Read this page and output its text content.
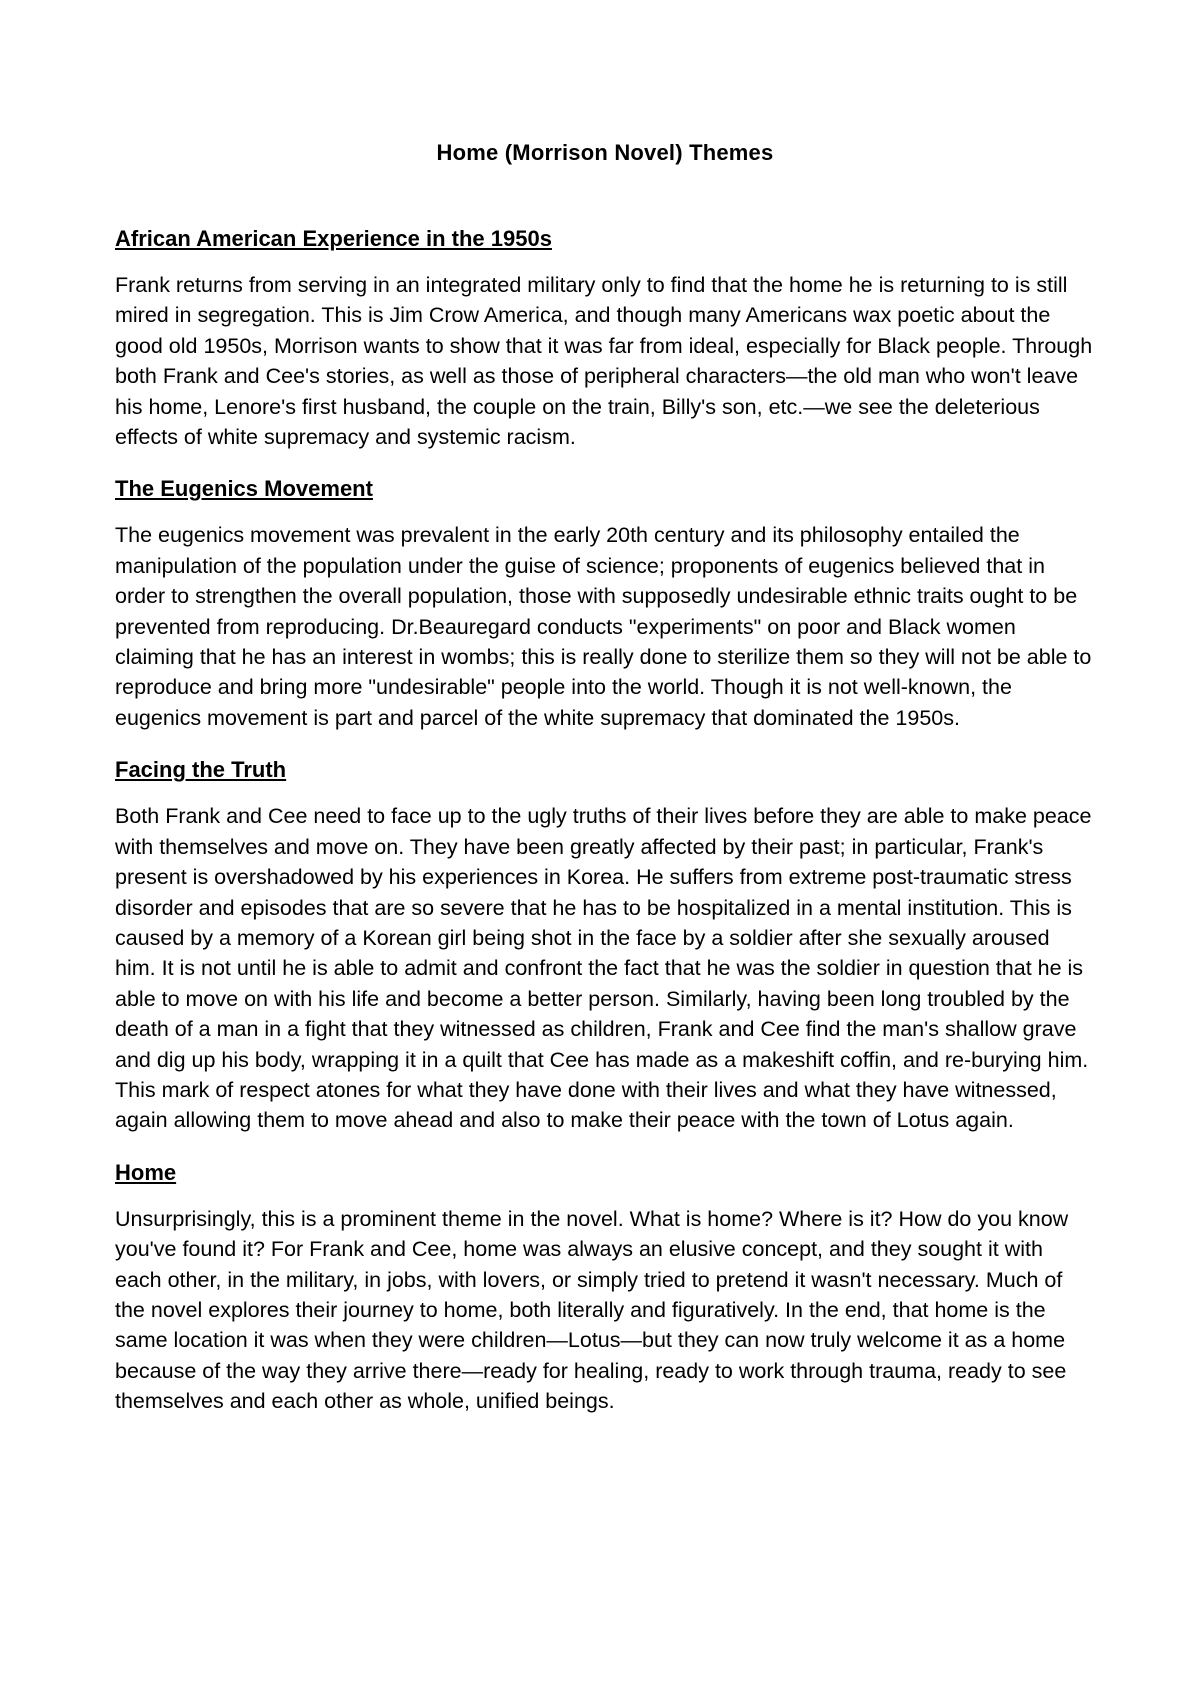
Home (Morrison Novel) Themes
African American Experience in the 1950s

Frank returns from serving in an integrated military only to find that the home he is returning to is still mired in segregation. This is Jim Crow America, and though many Americans wax poetic about the good old 1950s, Morrison wants to show that it was far from ideal, especially for Black people. Through both Frank and Cee's stories, as well as those of peripheral characters—the old man who won't leave his home, Lenore's first husband, the couple on the train, Billy's son, etc.—we see the deleterious effects of white supremacy and systemic racism.

The Eugenics Movement

The eugenics movement was prevalent in the early 20th century and its philosophy entailed the manipulation of the population under the guise of science; proponents of eugenics believed that in order to strengthen the overall population, those with supposedly undesirable ethnic traits ought to be prevented from reproducing. Dr.Beauregard conducts "experiments" on poor and Black women claiming that he has an interest in wombs; this is really done to sterilize them so they will not be able to reproduce and bring more "undesirable" people into the world. Though it is not well-known, the eugenics movement is part and parcel of the white supremacy that dominated the 1950s.

Facing the Truth

Both Frank and Cee need to face up to the ugly truths of their lives before they are able to make peace with themselves and move on. They have been greatly affected by their past; in particular, Frank's present is overshadowed by his experiences in Korea. He suffers from extreme post-traumatic stress disorder and episodes that are so severe that he has to be hospitalized in a mental institution. This is caused by a memory of a Korean girl being shot in the face by a soldier after she sexually aroused him. It is not until he is able to admit and confront the fact that he was the soldier in question that he is able to move on with his life and become a better person. Similarly, having been long troubled by the death of a man in a fight that they witnessed as children, Frank and Cee find the man's shallow grave and dig up his body, wrapping it in a quilt that Cee has made as a makeshift coffin, and re-burying him. This mark of respect atones for what they have done with their lives and what they have witnessed, again allowing them to move ahead and also to make their peace with the town of Lotus again.

Home

Unsurprisingly, this is a prominent theme in the novel. What is home? Where is it? How do you know you've found it? For Frank and Cee, home was always an elusive concept, and they sought it with each other, in the military, in jobs, with lovers, or simply tried to pretend it wasn't necessary. Much of the novel explores their journey to home, both literally and figuratively. In the end, that home is the same location it was when they were children—Lotus—but they can now truly welcome it as a home because of the way they arrive there—ready for healing, ready to work through trauma, ready to see themselves and each other as whole, unified beings.
